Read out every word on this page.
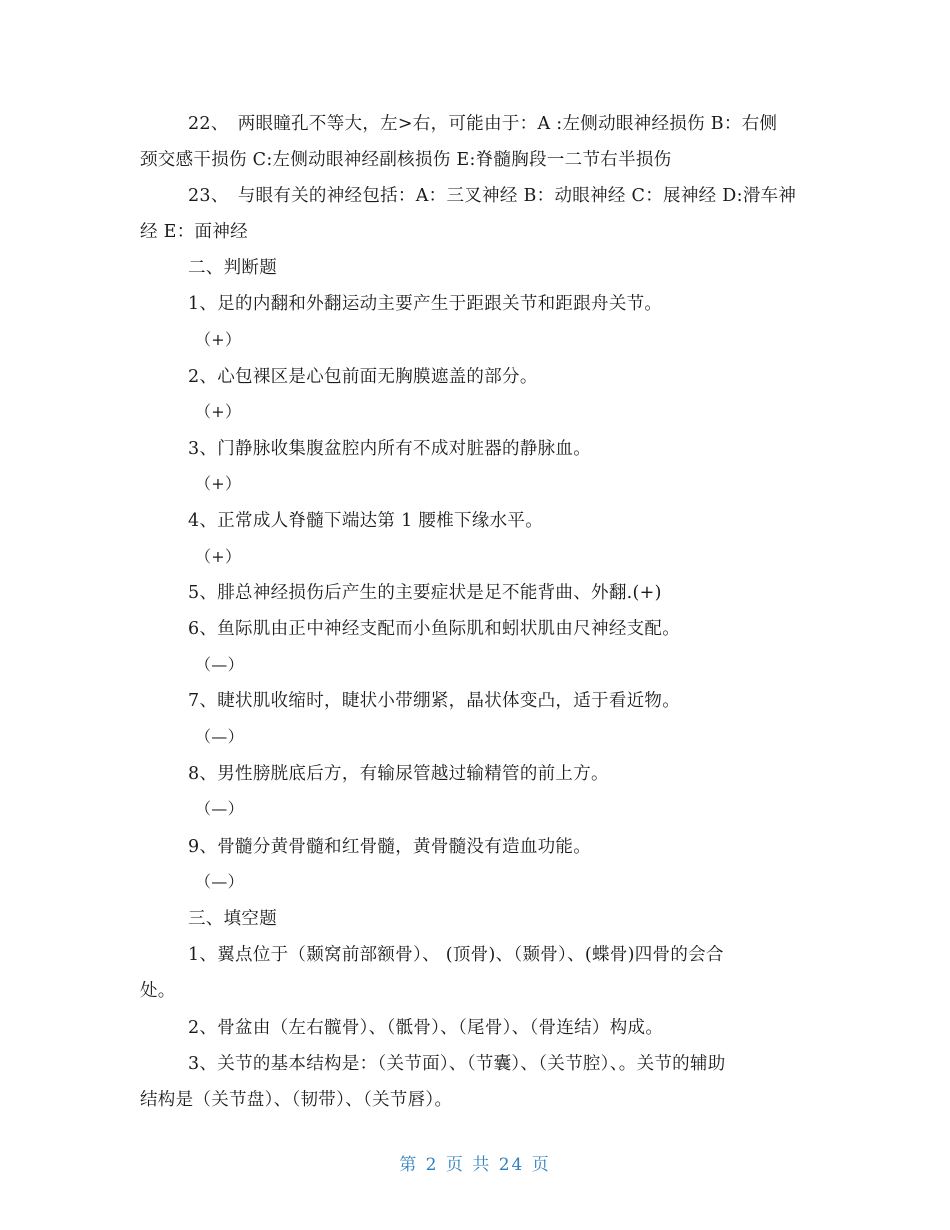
22、　两眼瞳孔不等大，左>右，可能由于：A :左侧动眼神经损伤 B：右侧
颈交感干损伤 C:左侧动眼神经副核损伤 E:脊髓胸段一二节右半损伤
23、　与眼有关的神经包括：A：三叉神经 B：动眼神经 C：展神经 D:滑车神
经 E：面神经
二、判断题
1、足的内翻和外翻运动主要产生于距跟关节和距跟舟关节。
（+）
2、心包裸区是心包前面无胸膜遮盖的部分。
（+）
3、门静脉收集腹盆腔内所有不成对脏器的静脉血。
（+）
4、正常成人脊髓下端达第 1 腰椎下缘水平。
（+）
5、腓总神经损伤后产生的主要症状是足不能背曲、外翻.(+)
6、鱼际肌由正中神经支配而小鱼际肌和蚓状肌由尺神经支配。
（—）
7、睫状肌收缩时，睫状小带绷紧，晶状体变凸，适于看近物。
（—）
8、男性膀胱底后方，有输尿管越过输精管的前上方。
（—）
9、骨髓分黄骨髓和红骨髓，黄骨髓没有造血功能。
（—）
三、填空题
1、翼点位于（颞窝前部额骨）、 (顶骨)、（颞骨）、(蝶骨)四骨的会合
处。
2、骨盆由（左右髋骨）、（骶骨）、（尾骨）、（骨连结）构成。
3、关节的基本结构是：（关节面）、（节囊）、（关节腔）、。关节的辅助
结构是（关节盘）、（韧带）、（关节唇）。
第 2 页 共 24 页
